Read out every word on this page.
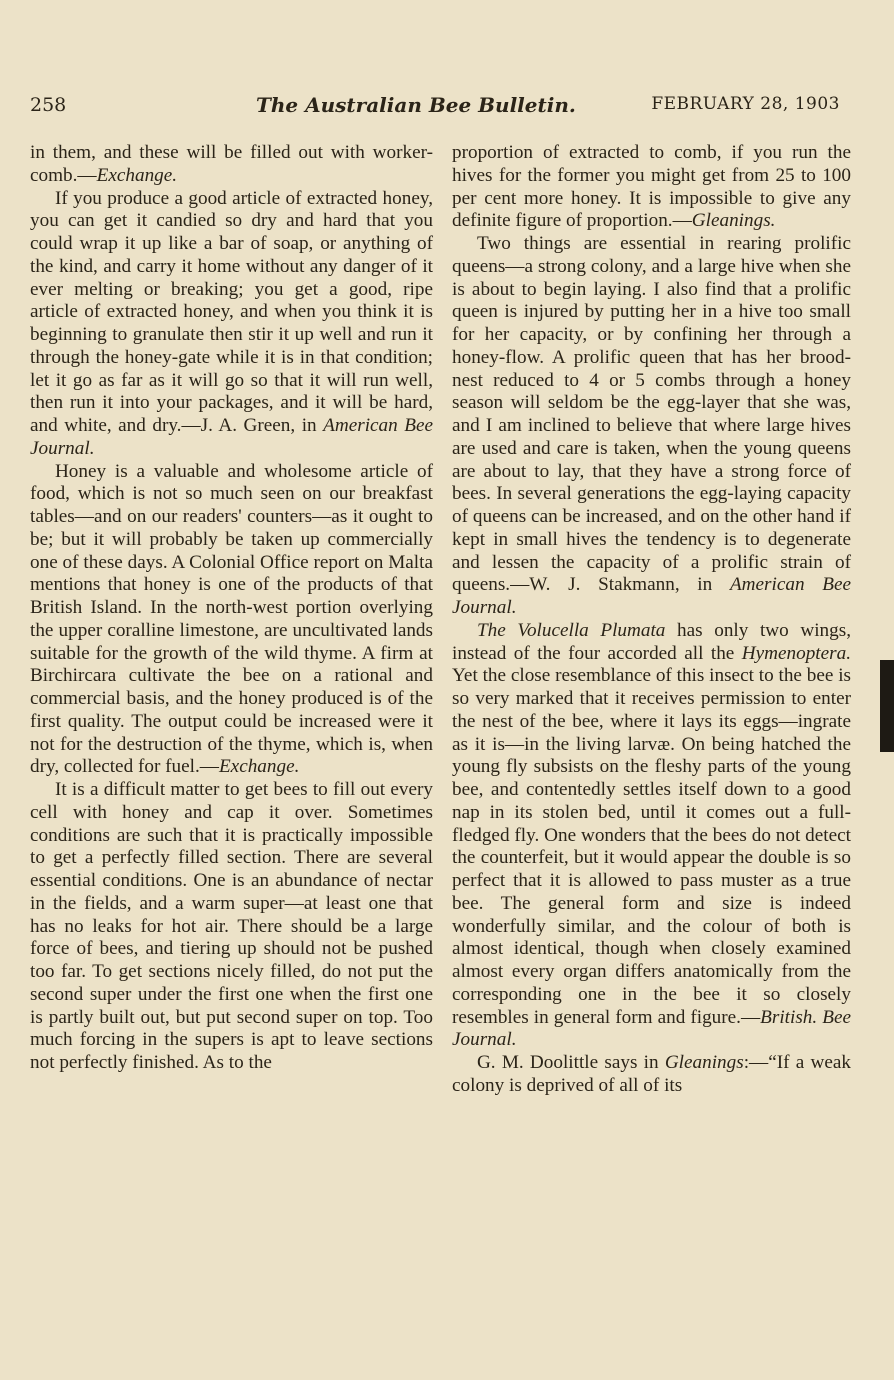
258	The Australian Bee Bulletin.	FEBRUARY 28, 1903

in them, and these will be filled out with worker-comb.—Exchange.

If you produce a good article of extracted honey, you can get it candied so dry and hard that you could wrap it up like a bar of soap, or anything of the kind, and carry it home without any danger of it ever melting or breaking; you get a good, ripe article of extracted honey, and when you think it is beginning to granulate then stir it up well and run it through the honey-gate while it is in that condition; let it go as far as it will go so that it will run well, then run it into your packages, and it will be hard, and white, and dry.—J. A. Green, in American Bee Journal.

Honey is a valuable and wholesome article of food, which is not so much seen on our breakfast tables—and on our readers' counters—as it ought to be; but it will probably be taken up commercially one of these days. A Colonial Office report on Malta mentions that honey is one of the products of that British Island. In the north-west portion overlying the upper coralline limestone, are uncultivated lands suitable for the growth of the wild thyme. A firm at Birchircara cultivate the bee on a rational and commercial basis, and the honey produced is of the first quality. The output could be increased were it not for the destruction of the thyme, which is, when dry, collected for fuel.—Exchange.

It is a difficult matter to get bees to fill out every cell with honey and cap it over. Sometimes conditions are such that it is practically impossible to get a perfectly filled section. There are several essential conditions. One is an abundance of nectar in the fields, and a warm super—at least one that has no leaks for hot air. There should be a large force of bees, and tiering up should not be pushed too far. To get sections nicely filled, do not put the second super under the first one when the first one is partly built out, but put second super on top. Too much forcing in the supers is apt to leave sections not perfectly finished. As to the

proportion of extracted to comb, if you run the hives for the former you might get from 25 to 100 per cent more honey. It is impossible to give any definite figure of proportion.—Gleanings.

Two things are essential in rearing prolific queens—a strong colony, and a large hive when she is about to begin laying. I also find that a prolific queen is injured by putting her in a hive too small for her capacity, or by confining her through a honey-flow. A prolific queen that has her brood-nest reduced to 4 or 5 combs through a honey season will seldom be the egg-layer that she was, and I am inclined to believe that where large hives are used and care is taken, when the young queens are about to lay, that they have a strong force of bees. In several generations the egg-laying capacity of queens can be increased, and on the other hand if kept in small hives the tendency is to degenerate and lessen the capacity of a prolific strain of queens.—W. J. Stakmann, in American Bee Journal.

The Volucella Plumata has only two wings, instead of the four accorded all the Hymenoptera. Yet the close resemblance of this insect to the bee is so very marked that it receives permission to enter the nest of the bee, where it lays its eggs—ingrate as it is—in the living larvæ. On being hatched the young fly subsists on the fleshy parts of the young bee, and contentedly settles itself down to a good nap in its stolen bed, until it comes out a full-fledged fly. One wonders that the bees do not detect the counterfeit, but it would appear the double is so perfect that it is allowed to pass muster as a true bee. The general form and size is indeed wonderfully similar, and the colour of both is almost identical, though when closely examined almost every organ differs anatomically from the corresponding one in the bee it so closely resembles in general form and figure.—British. Bee Journal.

G. M. Doolittle says in Gleanings:—“If a weak colony is deprived of all of its
